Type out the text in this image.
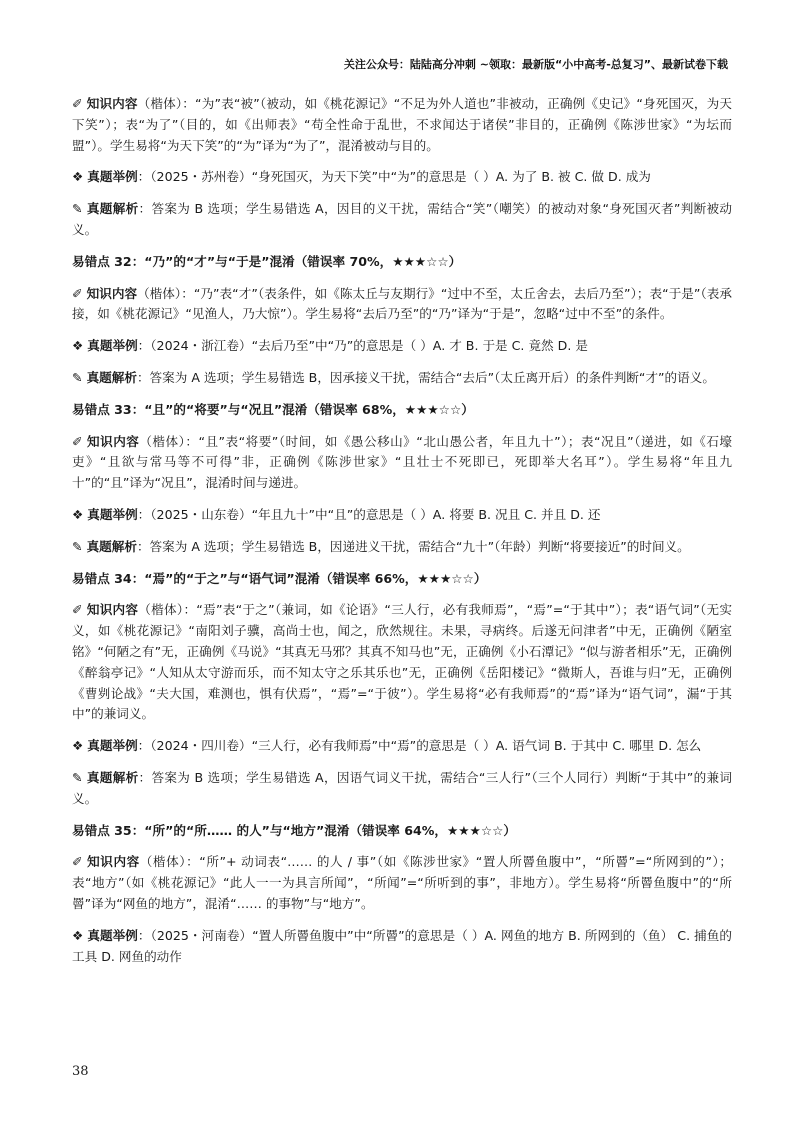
关注公众号：陆陆高分冲刺 ~领取：最新版“小中高考-总复习”、最新试卷下载
✐ 知识内容（楷体）：“为”表“被”（被动，如《桃花源记》“不足为外人道也”非被动，正确例《史记》“身死国灭，为天下笑”）；表“为了”（目的，如《出师表》“苟全性命于乱世，不求闻达于诸侯”非目的，正确例《陈涉世家》“为坛而盟”）。学生易将“为天下笑”的“为”译为“为了”，混淆被动与目的。
❖ 真题举例：（2025・苏州卷）“身死国灭，为天下笑”中“为”的意思是（ ）A. 为了 B. 被 C. 做 D. 成为
✎ 真题解析：答案为 B 选项；学生易错选 A，因目的义干扰，需结合“笑”（嘲笑）的被动对象“身死国灭者”判断被动义。
易错点 32：“乃”的“才”与“于是”混淆（错误率 70%，★★★☆☆）
✐ 知识内容（楷体）：“乃”表“才”（表条件，如《陈太丘与友期行》“过中不至，太丘舍去，去后乃至”）；表“于是”（表承接，如《桃花源记》“见渔人，乃大惊”）。学生易将“去后乃至”的“乃”译为“于是”，忽略“过中不至”的条件。
❖ 真题举例：（2024・浙江卷）“去后乃至”中“乃”的意思是（ ）A. 才 B. 于是 C. 竟然 D. 是
✎ 真题解析：答案为 A 选项；学生易错选 B，因承接义干扰，需结合“去后”（太丘离开后）的条件判断“才”的语义。
易错点 33：“且”的“将要”与“况且”混淆（错误率 68%，★★★☆☆）
✐ 知识内容（楷体）：“且”表“将要”（时间，如《愚公移山》“北山愚公者，年且九十”）；表“况且”（递进，如《石壕吏》“且欲与常马等不可得”非，正确例《陈涉世家》“且壮士不死即已，死即举大名耳”）。学生易将“年且九十”的“且”译为“况且”，混淆时间与递进。
❖ 真题举例：（2025・山东卷）“年且九十”中“且”的意思是（ ）A. 将要 B. 况且 C. 并且 D. 还
✎ 真题解析：答案为 A 选项；学生易错选 B，因递进义干扰，需结合“九十”（年龄）判断“将要接近”的时间义。
易错点 34：“焉”的“于之”与“语气词”混淆（错误率 66%，★★★☆☆）
✐ 知识内容（楷体）：“焉”表“于之”（兼词，如《论语》“三人行，必有我师焉”，“焉”=“于其中”）；表“语气词”（无实义，如《桃花源记》“南阳刘子骥，高尚士也，闻之，欣然规往。未果，寻病终。后遂无问津者”中无，正确例《陋室铭》“何陋之有”无，正确例《马说》“其真无马邪？其真不知马也”无，正确例《小石潭记》“似与游者相乐”无，正确例《醉翁亭记》“人知从太守游而乐，而不知太守之乐其乐也”无，正确例《岳阳楼记》“微斯人，吾谁与归”无，正确例《曹刿论战》“夫大国，难测也，惧有伏焉”，“焉”=“于彼”）。学生易将“必有我师焉”的“焉”译为“语气词”，漏“于其中”的兼词义。
❖ 真题举例：（2024・四川卷）“三人行，必有我师焉”中“焉”的意思是（ ）A. 语气词 B. 于其中 C. 哪里 D. 怎么
✎ 真题解析：答案为 B 选项；学生易错选 A，因语气词义干扰，需结合“三人行”（三个人同行）判断“于其中”的兼词义。
易错点 35：“所”的“所…… 的人”与“地方”混淆（错误率 64%，★★★☆☆）
✐ 知识内容（楷体）：“所”+ 动词表“…… 的人 / 事”（如《陈涉世家》“置人所罾鱼腹中”，“所罾”=“所网到的”）；表“地方”（如《桃花源记》“此人一一为具言所闻”，“所闻”=“所听到的事”，非地方）。学生易将“所罾鱼腹中”的“所罾”译为“网鱼的地方”，混淆“…… 的事物”与“地方”。
❖ 真题举例：（2025・河南卷）“置人所罾鱼腹中”中“所罾”的意思是（ ）A. 网鱼的地方 B. 所网到的（鱼） C. 捕鱼的工具 D. 网鱼的动作
38
